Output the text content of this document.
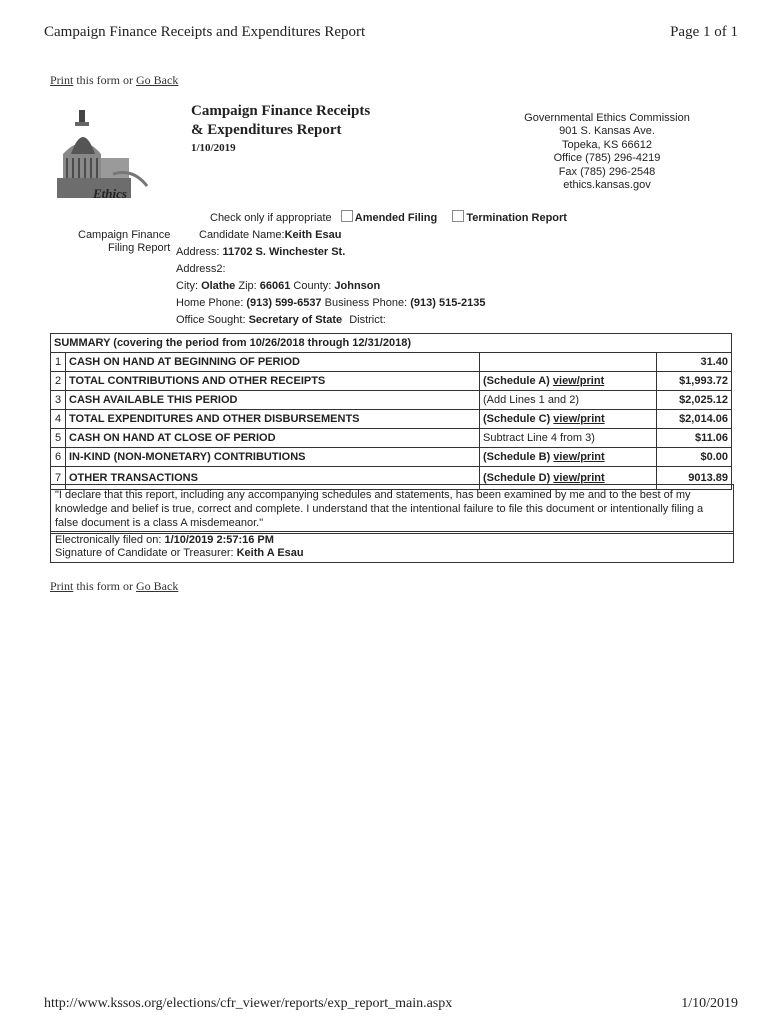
Campaign Finance Receipts and Expenditures Report	Page 1 of 1
Print this form or Go Back
Ethics
Campaign Finance Receipts
& Expenditures Report
1/10/2019
Governmental Ethics Commission
901 S. Kansas Ave.
Topeka, KS 66612
Office (785) 296-4219
Fax (785) 296-2548
ethics.kansas.gov
Check only if appropriate Amended Filing	Termination Report
Campaign Finance
Filing Report
Candidate Name:Keith Esau
Address: 11702 S. Winchester St.
Address2:
City: Olathe Zip: 66061 County: Johnson
Home Phone: (913) 599-6537 Business Phone: (913) 515-2135
Office Sought: Secretary of State District:
SUMMARY (covering the period from 10/26/2018 through 12/31/2018)			
1	CASH ON HAND AT BEGINNING OF PERIOD		31.40
2	TOTAL CONTRIBUTIONS AND OTHER RECEIPTS	(Schedule A) view/print	$1,993.72
3	CASH AVAILABLE THIS PERIOD	(Add Lines 1 and 2)	$2,025.12
4	TOTAL EXPENDITURES AND OTHER DISBURSEMENTS	(Schedule C) view/print	$2,014.06
5	CASH ON HAND AT CLOSE OF PERIOD	Subtract Line 4 from 3)	$11.06
6	IN-KIND (NON-MONETARY) CONTRIBUTIONS	(Schedule B) view/print	$0.00
7	OTHER TRANSACTIONS	(Schedule D) view/print	9013.89
"I declare that this report, including any accompanying schedules and statements, has been examined by me and to the best of my knowledge and belief is true, correct and complete. I understand that the intentional failure to file this document or intentionally filing a false document is a class A misdemeanor."
Electronically filed on: 1/10/2019 2:57:16 PM
Signature of Candidate or Treasurer: Keith A Esau
Print this form or Go Back
http://www.kssos.org/elections/cfr_viewer/reports/exp_report_main.aspx	1/10/2019
